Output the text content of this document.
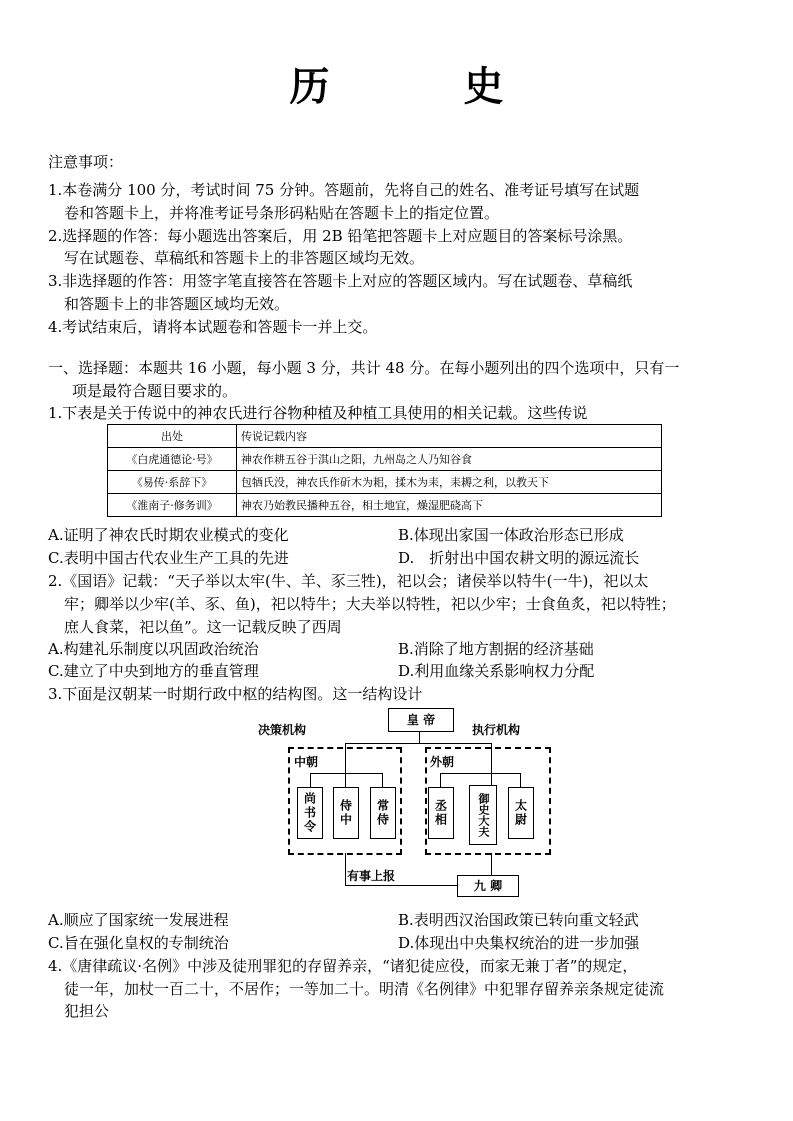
历 史
注意事项：
1.本卷满分 100 分，考试时间 75 分钟。答题前，先将自己的姓名、准考证号填写在试题
卷和答题卡上，并将准考证号条形码粘贴在答题卡上的指定位置。
2.选择题的作答：每小题选出答案后，用 2B 铅笔把答题卡上对应题目的答案标号涂黑。
写在试题卷、草稿纸和答题卡上的非答题区域均无效。
3.非选择题的作答：用签字笔直接答在答题卡上对应的答题区域内。写在试题卷、草稿纸
和答题卡上的非答题区域均无效。
4.考试结束后，请将本试题卷和答题卡一并上交。
一、选择题：本题共 16 小题，每小题 3 分，共计 48 分。在每小题列出的四个选项中，只有一
项是最符合题目要求的。
1.下表是关于传说中的神农氏进行谷物种植及种植工具使用的相关记载。这些传说
出处	传说记载内容
《白虎通德论·号》	神农作耕五谷于淇山之阳，九州岛之人乃知谷食
《易传·系辞下》	包牺氏没，神农氏作斫木为耜，揉木为耒，耒耨之利，以教天下
《淮南子·修务训》	神农乃始教民播种五谷，相土地宜，燥湿肥硗高下
A.证明了神农氏时期农业模式的变化	B.体现出家国一体政治形态已形成
C.表明中国古代农业生产工具的先进	D.　折射出中国农耕文明的源远流长
2.《国语》记载：“天子举以太牢(牛、羊、豕三牲)，祀以会；诸侯举以特牛(一牛)，祀以太
牢；卿举以少牢(羊、豕、鱼)，祀以特牛；大夫举以特牲，祀以少牢；士食鱼炙，祀以特牲；
庶人食菜，祀以鱼”。这一记载反映了西周
A.构建礼乐制度以巩固政治统治	B.消除了地方割据的经济基础
C.建立了中央到地方的垂直管理	D.利用血缘关系影响权力分配
3.下面是汉朝某一时期行政中枢的结构图。这一结构设计
皇 帝
决策机构	执行机构
中朝	外朝
尚书令	侍中	常侍	丞相	御史大夫	太尉
有事上报
九 卿
A.顺应了国家统一发展进程	B.表明西汉治国政策已转向重文轻武
C.旨在强化皇权的专制统治	D.体现出中央集权统治的进一步加强
4.《唐律疏议·名例》中涉及徒刑罪犯的存留养亲，“诸犯徒应役，而家无兼丁者”的规定，
徒一年，加杖一百二十，不居作；一等加二十。明清《名例律》中犯罪存留养亲条规定徒流
犯担公
